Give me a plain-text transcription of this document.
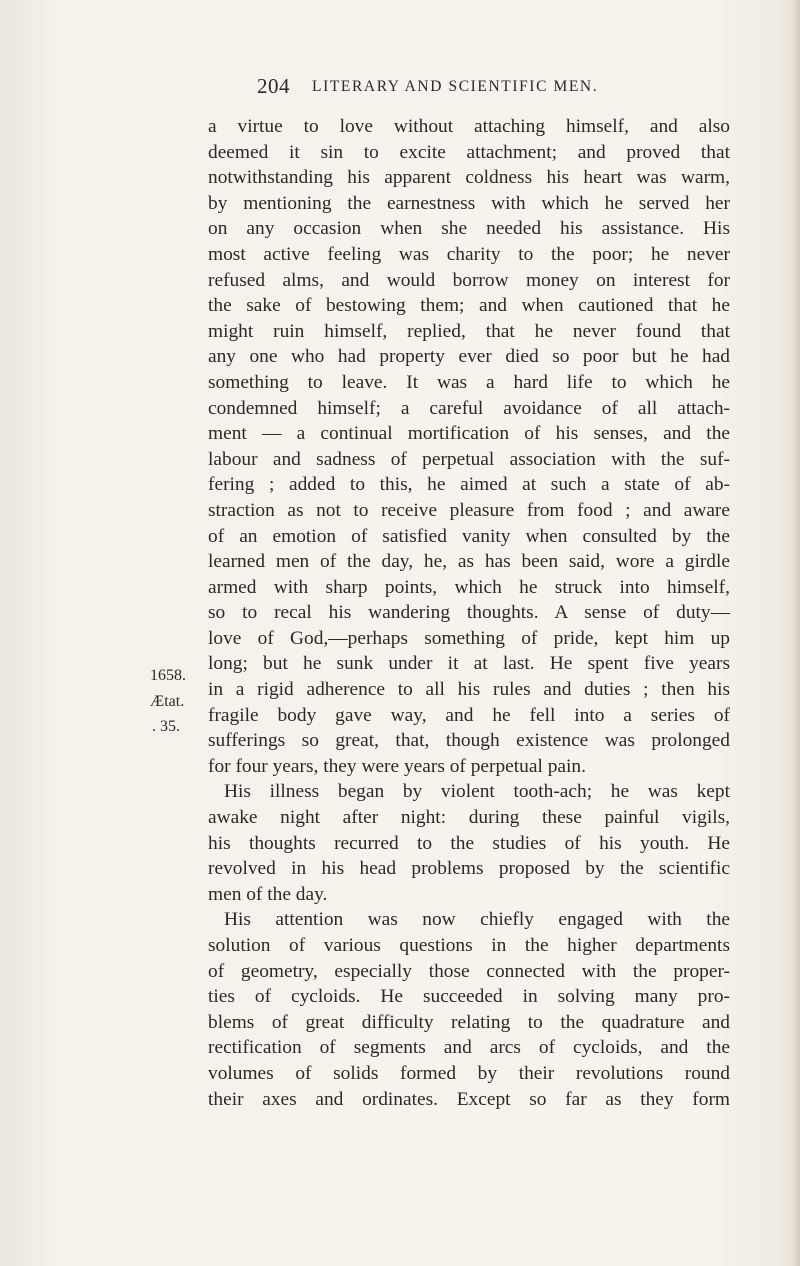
204 LITERARY AND SCIENTIFIC MEN.
1658.
Ætat.
. 35.
a virtue to love without attaching himself, and also
deemed it sin to excite attachment; and proved that
notwithstanding his apparent coldness his heart was warm,
by mentioning the earnestness with which he served her
on any occasion when she needed his assistance. His
most active feeling was charity to the poor; he never
refused alms, and would borrow money on interest for
the sake of bestowing them; and when cautioned that he
might ruin himself, replied, that he never found that
any one who had property ever died so poor but he had
something to leave. It was a hard life to which he
condemned himself; a careful avoidance of all attach-
ment — a continual mortification of his senses, and the
labour and sadness of perpetual association with the suf-
fering ; added to this, he aimed at such a state of ab-
straction as not to receive pleasure from food ; and aware
of an emotion of satisfied vanity when consulted by the
learned men of the day, he, as has been said, wore a girdle
armed with sharp points, which he struck into himself,
so to recal his wandering thoughts. A sense of duty—
love of God,—perhaps something of pride, kept him up
long; but he sunk under it at last. He spent five years
in a rigid adherence to all his rules and duties ; then his
fragile body gave way, and he fell into a series of
sufferings so great, that, though existence was prolonged
for four years, they were years of perpetual pain.
His illness began by violent tooth-ach; he was kept
awake night after night: during these painful vigils,
his thoughts recurred to the studies of his youth. He
revolved in his head problems proposed by the scientific
men of the day.
His attention was now chiefly engaged with the
solution of various questions in the higher departments
of geometry, especially those connected with the proper-
ties of cycloids. He succeeded in solving many pro-
blems of great difficulty relating to the quadrature and
rectification of segments and arcs of cycloids, and the
volumes of solids formed by their revolutions round
their axes and ordinates. Except so far as they form
